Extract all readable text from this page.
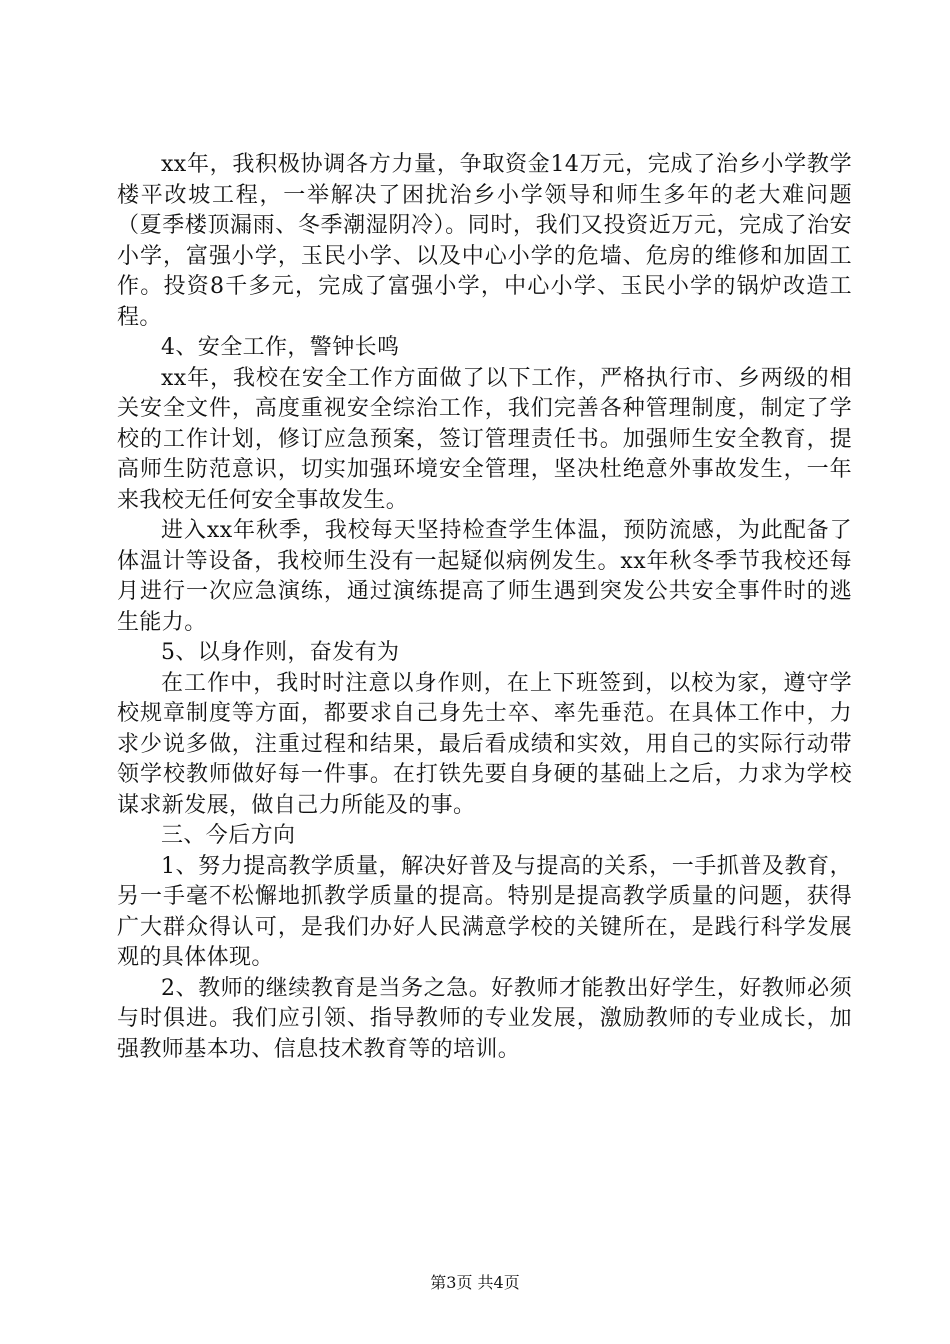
xx年，我积极协调各方力量，争取资金14万元，完成了治乡小学教学楼平改坡工程，一举解决了困扰治乡小学领导和师生多年的老大难问题（夏季楼顶漏雨、冬季潮湿阴冷）。同时，我们又投资近万元，完成了治安小学，富强小学，玉民小学、以及中心小学的危墙、危房的维修和加固工作。投资8千多元，完成了富强小学，中心小学、玉民小学的锅炉改造工程。

4、安全工作，警钟长鸣

xx年，我校在安全工作方面做了以下工作，严格执行市、乡两级的相关安全文件，高度重视安全综治工作，我们完善各种管理制度，制定了学校的工作计划，修订应急预案，签订管理责任书。加强师生安全教育，提高师生防范意识，切实加强环境安全管理，坚决杜绝意外事故发生，一年来我校无任何安全事故发生。

进入xx年秋季，我校每天坚持检查学生体温，预防流感，为此配备了体温计等设备，我校师生没有一起疑似病例发生。xx年秋冬季节我校还每月进行一次应急演练，通过演练提高了师生遇到突发公共安全事件时的逃生能力。

5、以身作则，奋发有为

在工作中，我时时注意以身作则，在上下班签到，以校为家，遵守学校规章制度等方面，都要求自己身先士卒、率先垂范。在具体工作中，力求少说多做，注重过程和结果，最后看成绩和实效，用自己的实际行动带领学校教师做好每一件事。在打铁先要自身硬的基础上之后，力求为学校谋求新发展，做自己力所能及的事。

三、今后方向

1、努力提高教学质量，解决好普及与提高的关系，一手抓普及教育，另一手毫不松懈地抓教学质量的提高。特别是提高教学质量的问题，获得广大群众得认可，是我们办好人民满意学校的关键所在，是践行科学发展观的具体体现。

2、教师的继续教育是当务之急。好教师才能教出好学生，好教师必须与时俱进。我们应引领、指导教师的专业发展，激励教师的专业成长，加强教师基本功、信息技术教育等的培训。

第3页 共4页
